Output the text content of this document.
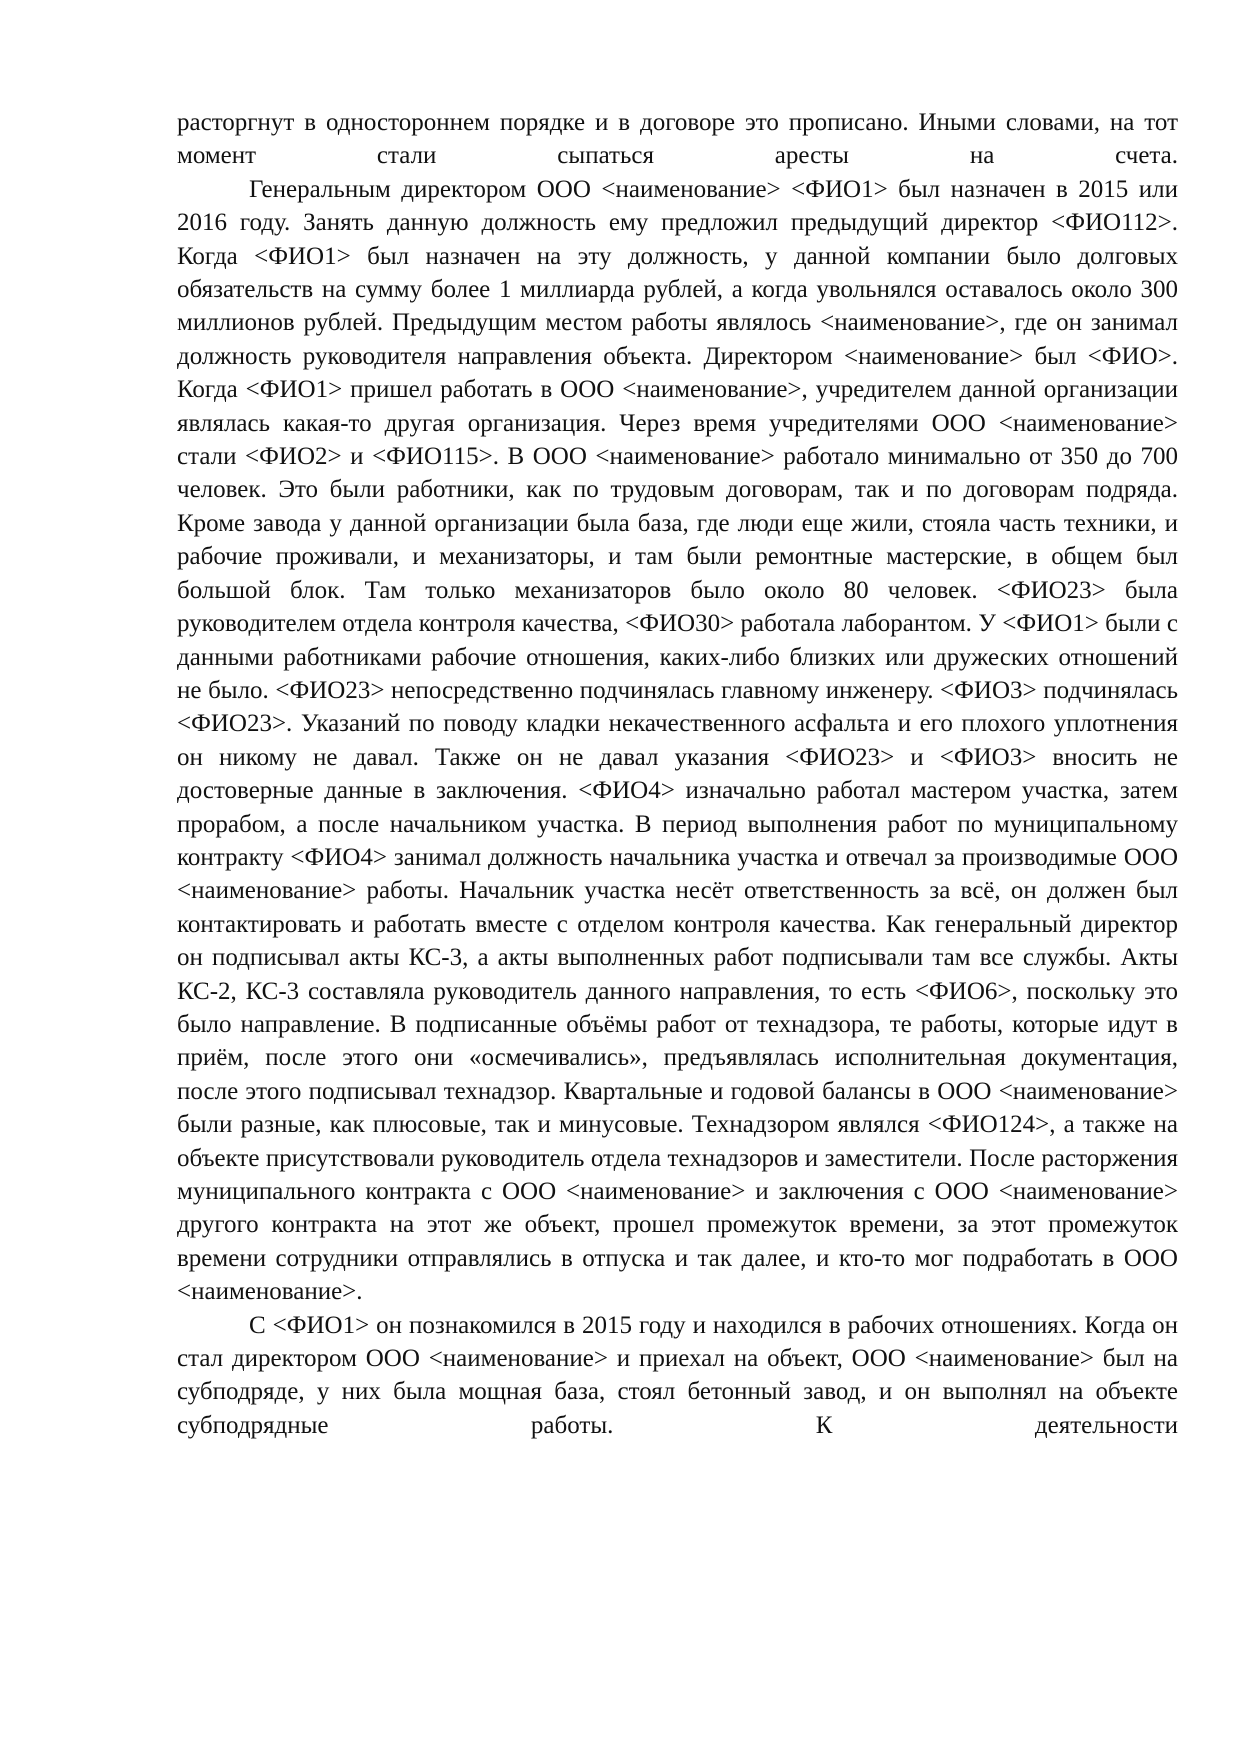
расторгнут в одностороннем порядке и в договоре это прописано. Иными словами, на тот момент стали сыпаться аресты на счета.

Генеральным директором ООО <наименование> <ФИО1> был назначен в 2015 или 2016 году. Занять данную должность ему предложил предыдущий директор <ФИО112>. Когда <ФИО1> был назначен на эту должность, у данной компании было долговых обязательств на сумму более 1 миллиарда рублей, а когда увольнялся оставалось около 300 миллионов рублей. Предыдущим местом работы являлось <наименование>, где он занимал должность руководителя направления объекта. Директором <наименование> был <ФИО>. Когда <ФИО1> пришел работать в ООО <наименование>, учредителем данной организации являлась какая-то другая организация. Через время учредителями ООО <наименование> стали <ФИО2> и <ФИО115>. В ООО <наименование> работало минимально от 350 до 700 человек. Это были работники, как по трудовым договорам, так и по договорам подряда. Кроме завода у данной организации была база, где люди еще жили, стояла часть техники, и рабочие проживали, и механизаторы, и там были ремонтные мастерские, в общем был большой блок. Там только механизаторов было около 80 человек. <ФИО23> была руководителем отдела контроля качества, <ФИО30> работала лаборантом. У <ФИО1> были с данными работниками рабочие отношения, каких-либо близких или дружеских отношений не было. <ФИО23> непосредственно подчинялась главному инженеру. <ФИО3> подчинялась <ФИО23>. Указаний по поводу кладки некачественного асфальта и его плохого уплотнения он никому не давал. Также он не давал указания <ФИО23> и <ФИО3> вносить не достоверные данные в заключения. <ФИО4> изначально работал мастером участка, затем прорабом, а после начальником участка. В период выполнения работ по муниципальному контракту <ФИО4> занимал должность начальника участка и отвечал за производимые ООО <наименование> работы. Начальник участка несёт ответственность за всё, он должен был контактировать и работать вместе с отделом контроля качества. Как генеральный директор он подписывал акты КС-3, а акты выполненных работ подписывали там все службы. Акты КС-2, КС-3 составляла руководитель данного направления, то есть <ФИО6>, поскольку это было направление. В подписанные объёмы работ от технадзора, те работы, которые идут в приём, после этого они «осмечивались», предъявлялась исполнительная документация, после этого подписывал технадзор. Квартальные и годовой балансы в ООО <наименование> были разные, как плюсовые, так и минусовые. Технадзором являлся <ФИО124>, а также на объекте присутствовали руководитель отдела технадзоров и заместители. После расторжения муниципального контракта с ООО <наименование> и заключения с ООО <наименование> другого контракта на этот же объект, прошел промежуток времени, за этот промежуток времени сотрудники отправлялись в отпуска и так далее, и кто-то мог подработать в ООО <наименование>.

С <ФИО1> он познакомился в 2015 году и находился в рабочих отношениях. Когда он стал директором ООО <наименование> и приехал на объект, ООО <наименование> был на субподряде, у них была мощная база, стоял бетонный завод, и он выполнял на объекте субподрядные работы. К деятельности
